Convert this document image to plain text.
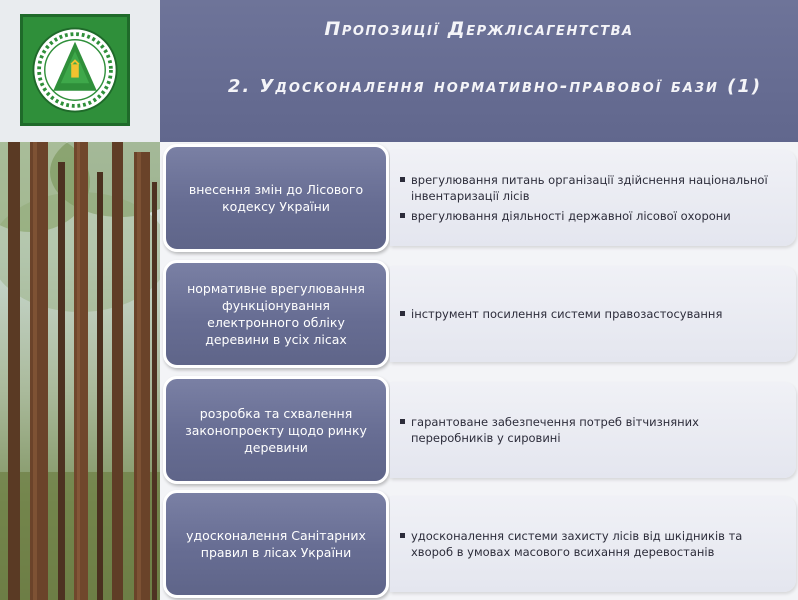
Пропозиції Держлісагентства
2. Удосконалення нормативно-правової бази (1)
внесення змін до Лісового кодексу України
врегулювання питань організації здійснення національної інвентаризації лісів
врегулювання діяльності державної лісової охорони
нормативне врегулювання функціонування електронного обліку деревини в усіх лісах
інструмент посилення системи правозастосування
розробка та схвалення законопроекту щодо ринку деревини
гарантоване забезпечення потреб вітчизняних переробників у сировині
удосконалення Санітарних правил в лісах України
удосконалення системи захисту лісів від шкідників та хвороб в умовах масового всихання деревостанів
